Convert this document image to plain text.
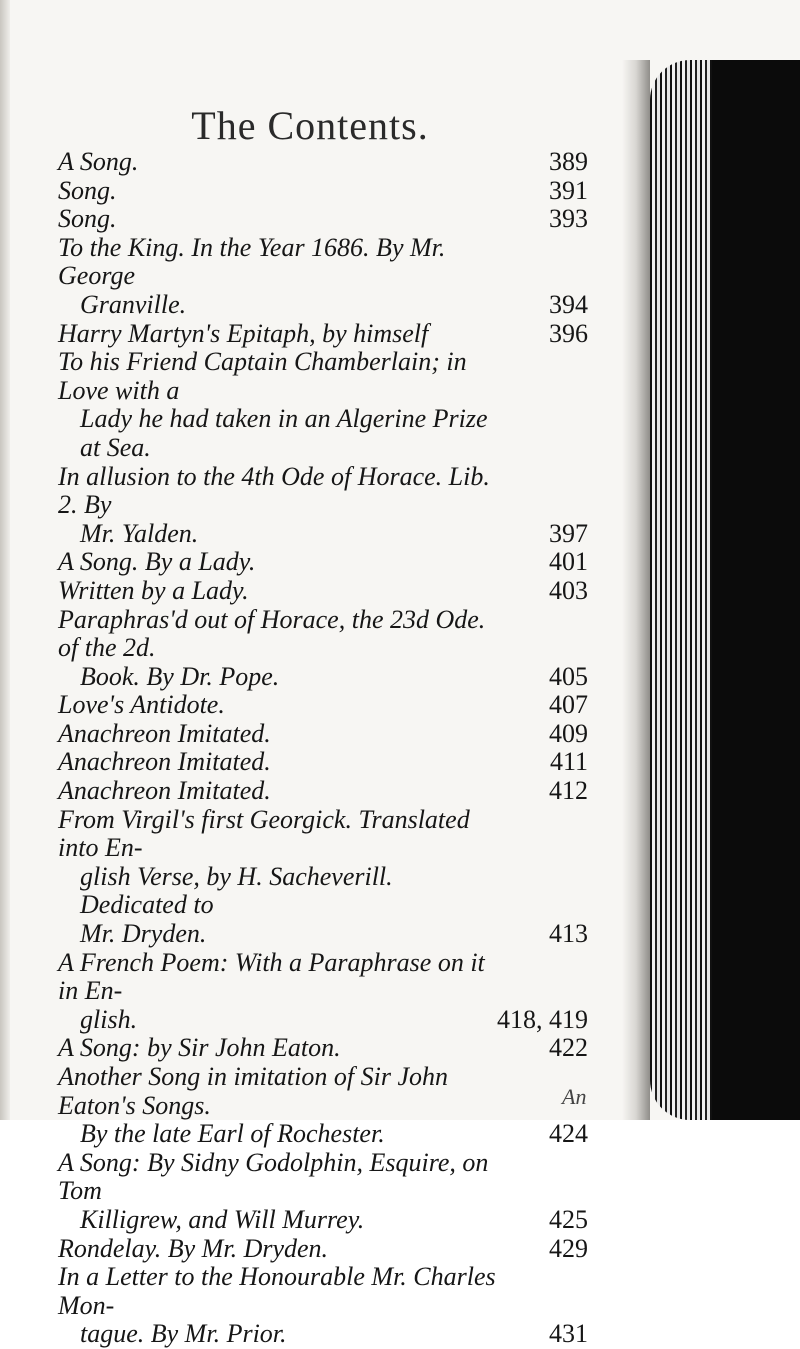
The Contents.
A Song.	389
Song.	391
Song.	393
To the King. In the Year 1686. By Mr. George
Granville.	394
Harry Martyn's Epitaph, by himself	396
To his Friend Captain Chamberlain; in Love with a
Lady he had taken in an Algerine Prize at Sea.
In allusion to the 4th Ode of Horace. Lib. 2. By
Mr. Yalden.	397
A Song. By a Lady.	401
Written by a Lady.	403
Paraphras'd out of Horace, the 23d Ode. of the 2d.
Book. By Dr. Pope.	405
Love's Antidote.	407
Anachreon Imitated.	409
Anachreon Imitated.	411
Anachreon Imitated.	412
From Virgil's first Georgick. Translated into En-
glish Verse, by H. Sacheverill. Dedicated to
Mr. Dryden.	413
A French Poem: With a Paraphrase on it in En-
glish.	418, 419
A Song: by Sir John Eaton.	422
Another Song in imitation of Sir John Eaton's Songs.
By the late Earl of Rochester.	424
A Song: By Sidny Godolphin, Esquire, on Tom
Killigrew, and Will Murrey.	425
Rondelay. By Mr. Dryden.	429
In a Letter to the Honourable Mr. Charles Mon-
tague. By Mr. Prior.	431
An
